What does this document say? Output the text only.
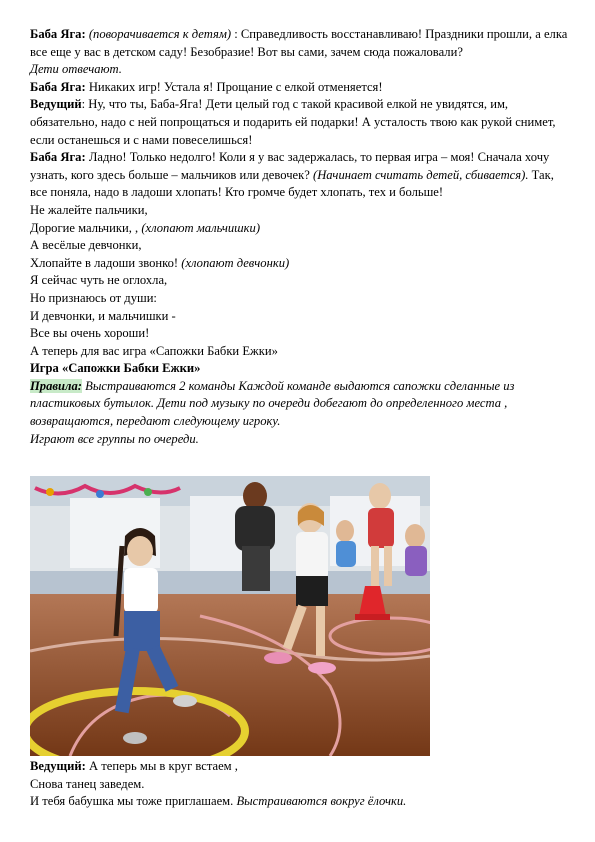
Баба Яга: (поворачивается к детям) : Справедливость восстанавливаю! Праздники прошли, а елка все еще у вас в детском саду! Безобразие! Вот вы сами, зачем сюда пожаловали?

Дети отвечают.

Баба Яга: Никаких игр! Устала я! Прощание с елкой отменяется!

Ведущий: Ну, что ты, Баба-Яга! Дети целый год с такой красивой елкой не увидятся, им, обязательно, надо с ней попрощаться и подарить ей подарки! А усталость твою как рукой снимет, если останешься и с нами повеселишься!

Баба Яга: Ладно! Только недолго! Коли я у вас задержалась, то первая игра – моя! Сначала хочу узнать, кого здесь больше – мальчиков или девочек? (Начинает считать детей, сбивается). Так, все поняла, надо в ладоши хлопать! Кто громче будет хлопать, тех и больше!

Не жалейте пальчики,

Дорогие мальчики, , (хлопают мальчишки)

А весёлые девчонки,

Хлопайте в ладоши звонко! (хлопают девчонки)

Я сейчас чуть не оглохла,

Но признаюсь от души:

И девчонки, и мальчишки -

Все вы очень хороши!

А теперь для вас игра «Сапожки Бабки Ежки»

Игра «Сапожки Бабки Ежки»

Правила: Выстраиваются 2 команды Каждой команде выдаются сапожки сделанные из пластиковых бутылок. Дети под музыку по очереди добегают до определенного места , возвращаются, передают следующему игроку.

Играют все группы по очереди.

Ведущий: А теперь мы в круг встаем ,

Снова танец заведем.

И тебя бабушка мы тоже приглашаем. Выстраиваются вокруг ёлочки.
